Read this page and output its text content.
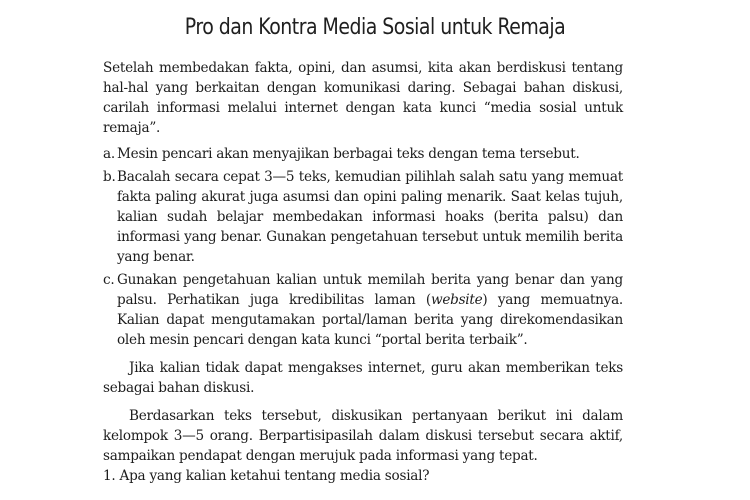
Pro dan Kontra Media Sosial untuk Remaja

Setelah membedakan fakta, opini, dan asumsi, kita akan berdiskusi tentang hal-hal yang berkaitan dengan komunikasi daring. Sebagai bahan diskusi, carilah informasi melalui internet dengan kata kunci “media sosial untuk remaja”.

a. Mesin pencari akan menyajikan berbagai teks dengan tema tersebut.
b. Bacalah secara cepat 3—5 teks, kemudian pilihlah salah satu yang memuat fakta paling akurat juga asumsi dan opini paling menarik. Saat kelas tujuh, kalian sudah belajar membedakan informasi hoaks (berita palsu) dan informasi yang benar. Gunakan pengetahuan tersebut untuk memilih berita yang benar.
c. Gunakan pengetahuan kalian untuk memilah berita yang benar dan yang palsu. Perhatikan juga kredibilitas laman (website) yang memuatnya. Kalian dapat mengutamakan portal/laman berita yang direkomendasikan oleh mesin pencari dengan kata kunci “portal berita terbaik”.

Jika kalian tidak dapat mengakses internet, guru akan memberikan teks sebagai bahan diskusi.

Berdasarkan teks tersebut, diskusikan pertanyaan berikut ini dalam kelompok 3—5 orang. Berpartisipasilah dalam diskusi tersebut secara aktif, sampaikan pendapat dengan merujuk pada informasi yang tepat.

1. Apa yang kalian ketahui tentang media sosial?
